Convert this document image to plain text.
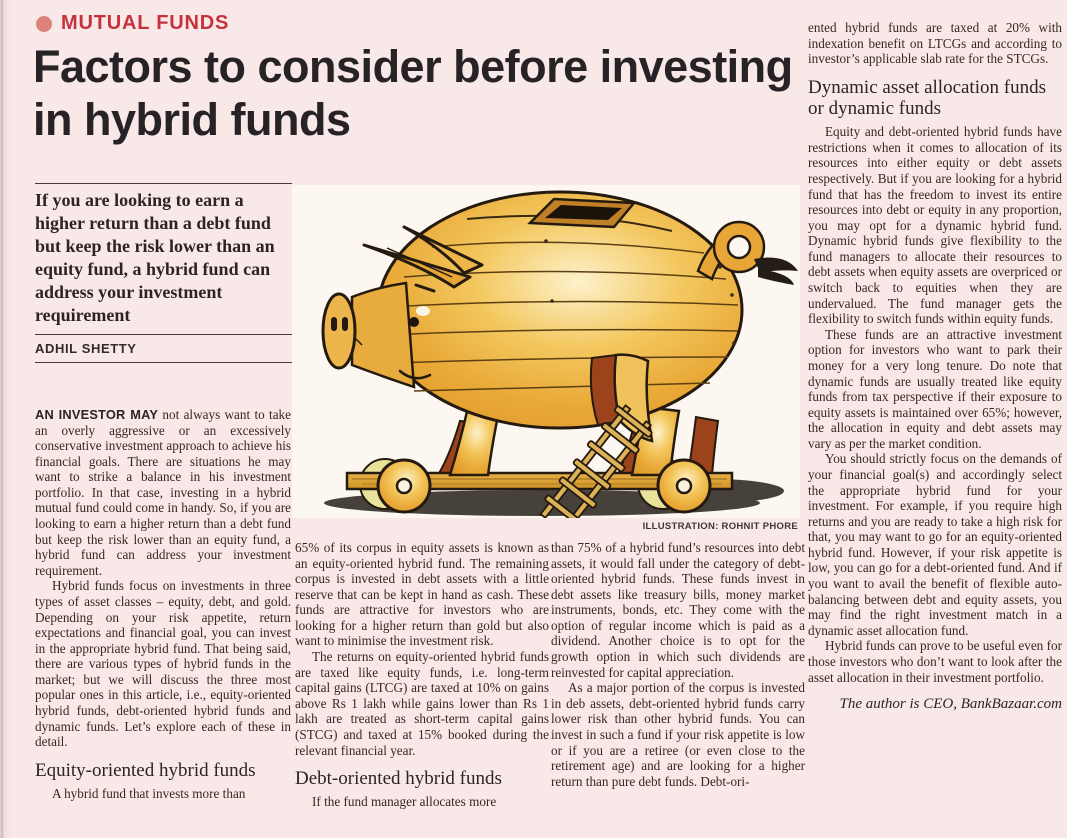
MUTUAL FUNDS
Factors to consider before investing in hybrid funds

If you are looking to earn a higher return than a debt fund but keep the risk lower than an equity fund, a hybrid fund can address your investment requirement

ADHIL SHETTY
ILLUSTRATION: ROHNIT PHORE

AN INVESTOR MAY not always want to take an overly aggressive or an excessively conservative investment approach to achieve his financial goals. There are situations he may want to strike a balance in his investment portfolio. In that case, investing in a hybrid mutual fund could come in handy. So, if you are looking to earn a higher return than a debt fund but keep the risk lower than an equity fund, a hybrid fund can address your investment requirement.

Hybrid funds focus on investments in three types of asset classes – equity, debt, and gold. Depending on your risk appetite, return expectations and financial goal, you can invest in the appropriate hybrid fund. That being said, there are various types of hybrid funds in the market; but we will discuss the three most popular ones in this article, i.e., equity-oriented hybrid funds, debt-oriented hybrid funds and dynamic funds. Let’s explore each of these in detail.

Equity-oriented hybrid funds

A hybrid fund that invests more than

65% of its corpus in equity assets is known as an equity-oriented hybrid fund. The remaining corpus is invested in debt assets with a little reserve that can be kept in hand as cash. These funds are attractive for investors who are looking for a higher return than gold but also want to minimise the investment risk.

The returns on equity-oriented hybrid funds are taxed like equity funds, i.e. long-term capital gains (LTCG) are taxed at 10% on gains above Rs 1 lakh while gains lower than Rs 1 lakh are treated as short-term capital gains (STCG) and taxed at 15% booked during the relevant financial year.

Debt-oriented hybrid funds

If the fund manager allocates more

than 75% of a hybrid fund’s resources into debt assets, it would fall under the category of debt-oriented hybrid funds. These funds invest in debt assets like treasury bills, money market instruments, bonds, etc. They come with the option of regular income which is paid as a dividend. Another choice is to opt for the growth option in which such dividends are reinvested for capital appreciation.

As a major portion of the corpus is invested in deb assets, debt-oriented hybrid funds carry lower risk than other hybrid funds. You can invest in such a fund if your risk appetite is low or if you are a retiree (or even close to the retirement age) and are looking for a higher return than pure debt funds. Debt-ori-

ented hybrid funds are taxed at 20% with indexation benefit on LTCGs and according to investor’s applicable slab rate for the STCGs.

Dynamic asset allocation funds or dynamic funds

Equity and debt-oriented hybrid funds have restrictions when it comes to allocation of its resources into either equity or debt assets respectively. But if you are looking for a hybrid fund that has the freedom to invest its entire resources into debt or equity in any proportion, you may opt for a dynamic hybrid fund. Dynamic hybrid funds give flexibility to the fund managers to allocate their resources to debt assets when equity assets are overpriced or switch back to equities when they are undervalued. The fund manager gets the flexibility to switch funds within equity funds.

These funds are an attractive investment option for investors who want to park their money for a very long tenure. Do note that dynamic funds are usually treated like equity funds from tax perspective if their exposure to equity assets is maintained over 65%; however, the allocation in equity and debt assets may vary as per the market condition.

You should strictly focus on the demands of your financial goal(s) and accordingly select the appropriate hybrid fund for your investment. For example, if you require high returns and you are ready to take a high risk for that, you may want to go for an equity-oriented hybrid fund. However, if your risk appetite is low, you can go for a debt-oriented fund. And if you want to avail the benefit of flexible auto-balancing between debt and equity assets, you may find the right investment match in a dynamic asset allocation fund.

Hybrid funds can prove to be useful even for those investors who don’t want to look after the asset allocation in their investment portfolio.

The author is CEO, BankBazaar.com
